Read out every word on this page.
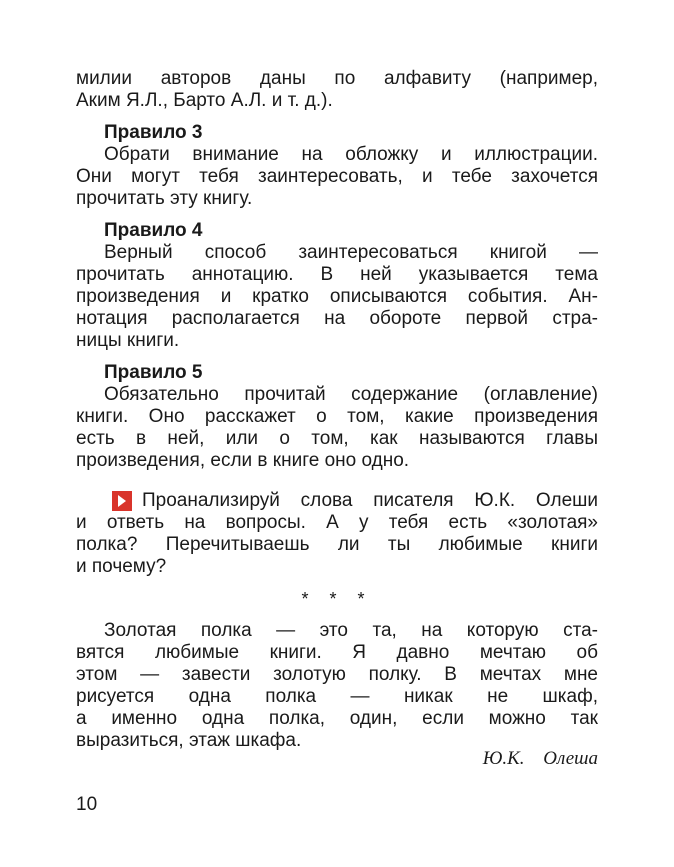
милии авторов даны по алфавиту (например,
Аким Я.Л., Барто А.Л. и т. д.).
Правило 3
Обрати внимание на обложку и иллюстрации.
Они могут тебя заинтересовать, и тебе захочется
прочитать эту книгу.
Правило 4
Верный способ заинтересоваться книгой —
прочитать аннотацию. В ней указывается тема
произведения и кратко описываются события. Ан-
нотация располагается на обороте первой стра-
ницы книги.
Правило 5
Обязательно прочитай содержание (оглавление)
книги. Оно расскажет о том, какие произведения
есть в ней, или о том, как называются главы
произведения, если в книге оно одно.
Проанализируй слова писателя Ю.К. Олеши
и ответь на вопросы. А у тебя есть «золотая»
полка? Перечитываешь ли ты любимые книги
и почему?
* * *
Золотая полка — это та, на которую ста-
вятся любимые книги. Я давно мечтаю об
этом — завести золотую полку. В мечтах мне
рисуется одна полка — никак не шкаф,
а именно одна полка, один, если можно так
выразиться, этаж шкафа.
Ю.К. Олеша
10
